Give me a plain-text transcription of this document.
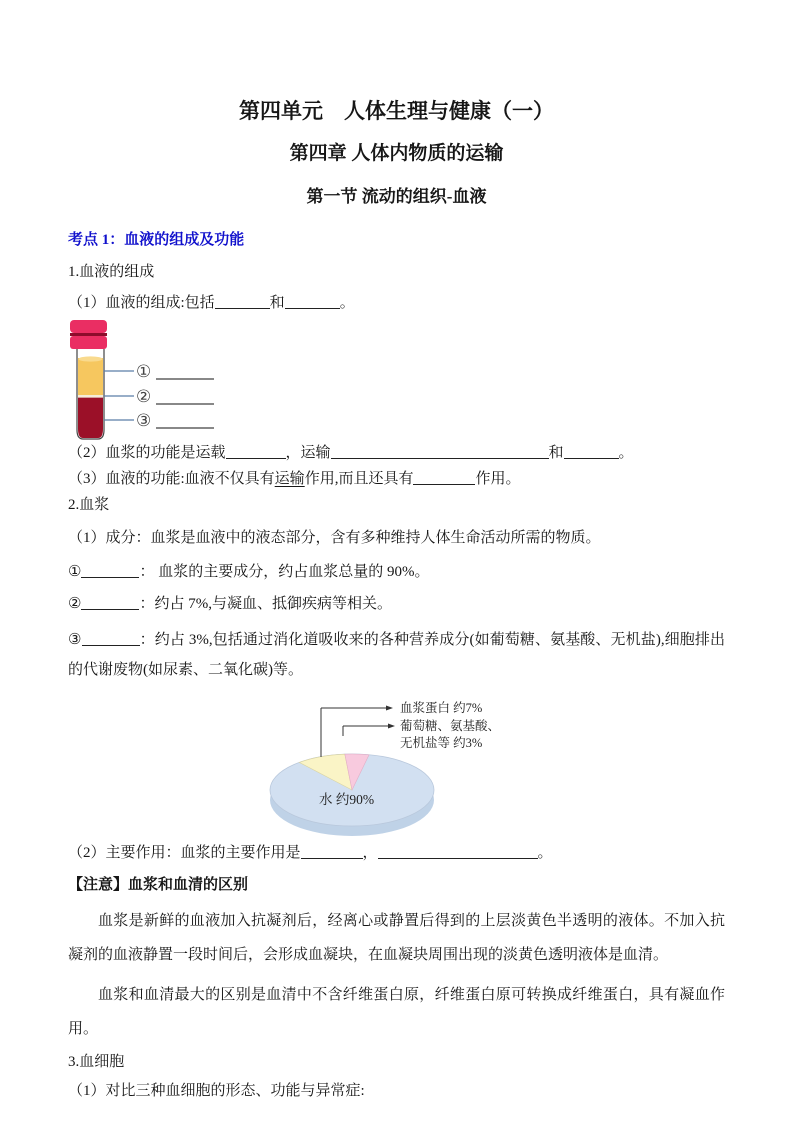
第四单元　人体生理与健康（一）
第四章 人体内物质的运输
第一节 流动的组织-血液
考点 1：血液的组成及功能
1.血液的组成
（1）血液的组成:包括	和	。
①
②
③
（2）血浆的功能是运载	，运输	和	。
（3）血液的功能:血液不仅具有运输作用,而且还具有	作用。
2.血浆
（1）成分：血浆是血液中的液态部分，含有多种维持人体生命活动所需的物质。
①	： 血浆的主要成分，约占血浆总量的 90%。
②	：约占 7%,与凝血、抵御疾病等相关。
③	：约占 3%,包括通过消化道吸收来的各种营养成分(如葡萄糖、氨基酸、无机盐),细胞排出的代谢废物(如尿素、二氧化碳)等。
血浆蛋白 约7%
葡萄糖、氨基酸、
无机盐等 约3%
水 约90%
（2）主要作用：血浆的主要作用是	，	。
【注意】血浆和血清的区别
血浆是新鲜的血液加入抗凝剂后，经离心或静置后得到的上层淡黄色半透明的液体。不加入抗凝剂的血液静置一段时间后，会形成血凝块，在血凝块周围出现的淡黄色透明液体是血清。
血浆和血清最大的区别是血清中不含纤维蛋白原，纤维蛋白原可转换成纤维蛋白，具有凝血作用。
3.血细胞
（1）对比三种血细胞的形态、功能与异常症:
